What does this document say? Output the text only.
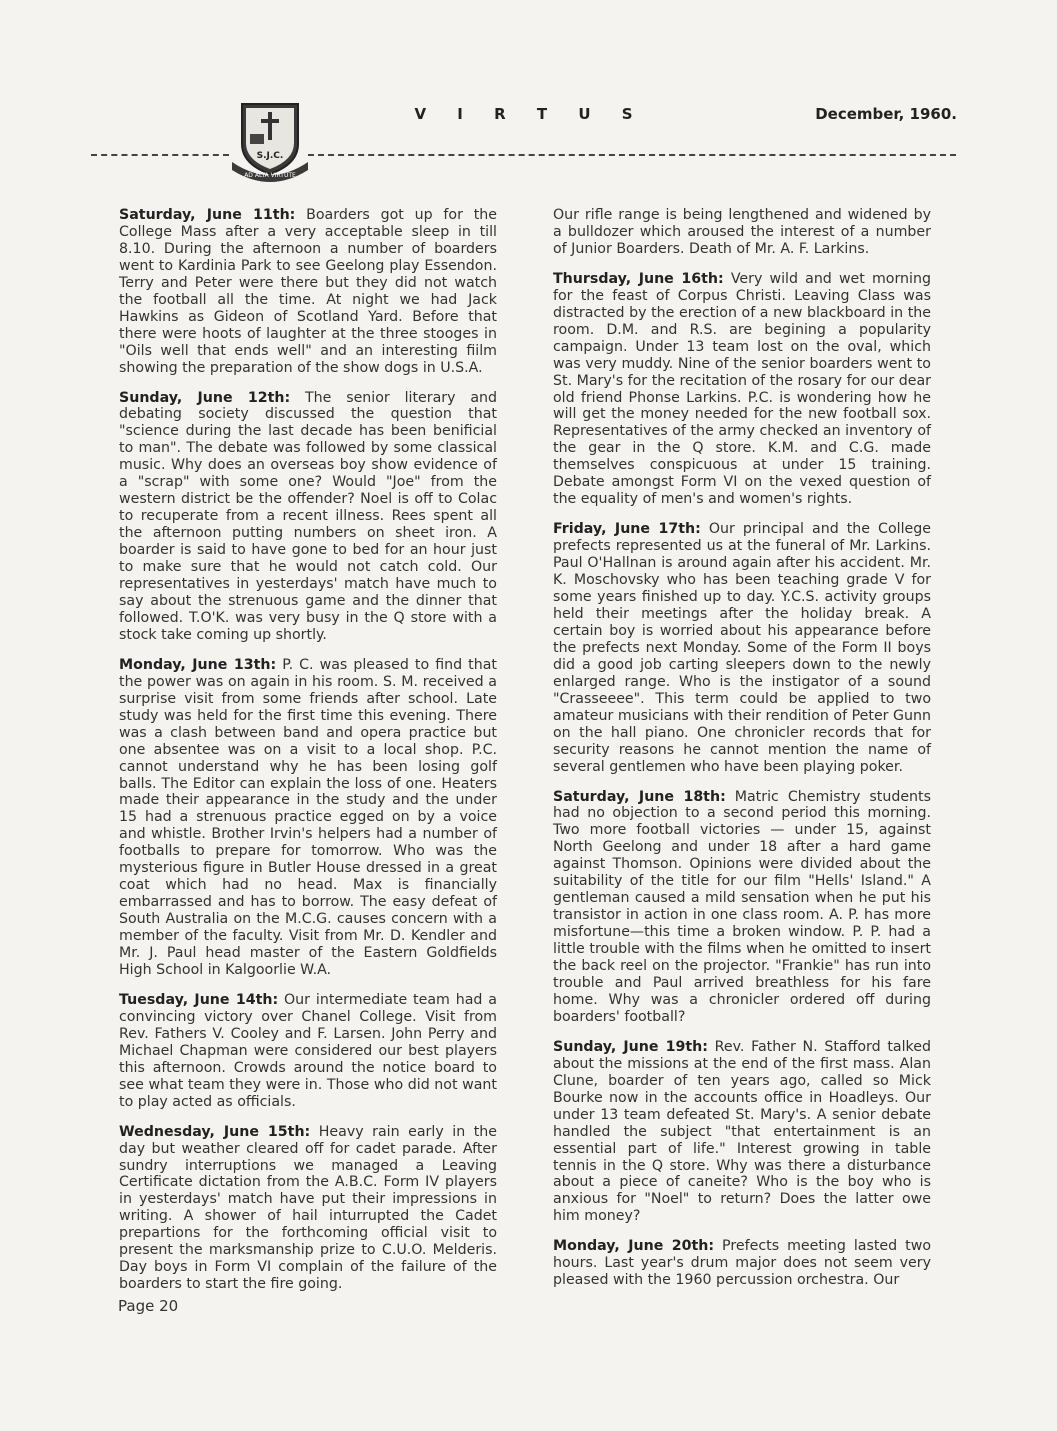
S.J.C.
AD ALTA VIRTUTE
V I R T U S	December, 1960.

Saturday, June 11th: Boarders got up for the College Mass after a very acceptable sleep in till 8.10. During the afternoon a number of boarders went to Kardinia Park to see Geelong play Essendon. Terry and Peter were there but they did not watch the football all the time. At night we had Jack Hawkins as Gideon of Scotland Yard. Before that there were hoots of laughter at the three stooges in "Oils well that ends well" and an interesting fiilm showing the preparation of the show dogs in U.S.A.

Sunday, June 12th: The senior literary and debating society discussed the question that "science during the last decade has been benificial to man". The debate was followed by some classical music. Why does an overseas boy show evidence of a "scrap" with some one? Would "Joe" from the western district be the offender? Noel is off to Colac to recuperate from a recent illness. Rees spent all the afternoon putting numbers on sheet iron. A boarder is said to have gone to bed for an hour just to make sure that he would not catch cold. Our representatives in yesterdays' match have much to say about the strenuous game and the dinner that followed. T.O'K. was very busy in the Q store with a stock take coming up shortly.

Monday, June 13th: P. C. was pleased to find that the power was on again in his room. S. M. received a surprise visit from some friends after school. Late study was held for the first time this evening. There was a clash between band and opera practice but one absentee was on a visit to a local shop. P.C. cannot understand why he has been losing golf balls. The Editor can explain the loss of one. Heaters made their appearance in the study and the under 15 had a strenuous practice egged on by a voice and whistle. Brother Irvin's helpers had a number of footballs to prepare for tomorrow. Who was the mysterious figure in Butler House dressed in a great coat which had no head. Max is financially embarrassed and has to borrow. The easy defeat of South Australia on the M.C.G. causes concern with a member of the faculty. Visit from Mr. D. Kendler and Mr. J. Paul head master of the Eastern Goldfields High School in Kalgoorlie W.A.

Tuesday, June 14th: Our intermediate team had a convincing victory over Chanel College. Visit from Rev. Fathers V. Cooley and F. Larsen. John Perry and Michael Chapman were considered our best players this afternoon. Crowds around the notice board to see what team they were in. Those who did not want to play acted as officials.

Wednesday, June 15th: Heavy rain early in the day but weather cleared off for cadet parade. After sundry interruptions we managed a Leaving Certificate dictation from the A.B.C. Form IV players in yesterdays' match have put their impressions in writing. A shower of hail inturrupted the Cadet prepartions for the forthcoming official visit to present the marksmanship prize to C.U.O. Melderis. Day boys in Form VI complain of the failure of the boarders to start the fire going.

Our rifle range is being lengthened and widened by a bulldozer which aroused the interest of a number of Junior Boarders. Death of Mr. A. F. Larkins.

Thursday, June 16th: Very wild and wet morning for the feast of Corpus Christi. Leaving Class was distracted by the erection of a new blackboard in the room. D.M. and R.S. are begining a popularity campaign. Under 13 team lost on the oval, which was very muddy. Nine of the senior boarders went to St. Mary's for the recitation of the rosary for our dear old friend Phonse Larkins. P.C. is wondering how he will get the money needed for the new football sox. Representatives of the army checked an inventory of the gear in the Q store. K.M. and C.G. made themselves conspicuous at under 15 training. Debate amongst Form VI on the vexed question of the equality of men's and women's rights.

Friday, June 17th: Our principal and the College prefects represented us at the funeral of Mr. Larkins. Paul O'Hallnan is around again after his accident. Mr. K. Moschovsky who has been teaching grade V for some years finished up to day. Y.C.S. activity groups held their meetings after the holiday break. A certain boy is worried about his appearance before the prefects next Monday. Some of the Form II boys did a good job carting sleepers down to the newly enlarged range. Who is the instigator of a sound "Crasseeee". This term could be applied to two amateur musicians with their rendition of Peter Gunn on the hall piano. One chronicler records that for security reasons he cannot mention the name of several gentlemen who have been playing poker.

Saturday, June 18th: Matric Chemistry students had no objection to a second period this morning. Two more football victories — under 15, against North Geelong and under 18 after a hard game against Thomson. Opinions were divided about the suitability of the title for our film "Hells' Island." A gentleman caused a mild sensation when he put his transistor in action in one class room. A. P. has more misfortune—this time a broken window. P. P. had a little trouble with the films when he omitted to insert the back reel on the projector. "Frankie" has run into trouble and Paul arrived breathless for his fare home. Why was a chronicler ordered off during boarders' football?

Sunday, June 19th: Rev. Father N. Stafford talked about the missions at the end of the first mass. Alan Clune, boarder of ten years ago, called so Mick Bourke now in the accounts office in Hoadleys. Our under 13 team defeated St. Mary's. A senior debate handled the subject "that entertainment is an essential part of life." Interest growing in table tennis in the Q store. Why was there a disturbance about a piece of caneite? Who is the boy who is anxious for "Noel" to return? Does the latter owe him money?

Monday, June 20th: Prefects meeting lasted two hours. Last year's drum major does not seem very pleased with the 1960 percussion orchestra. Our

Page 20
